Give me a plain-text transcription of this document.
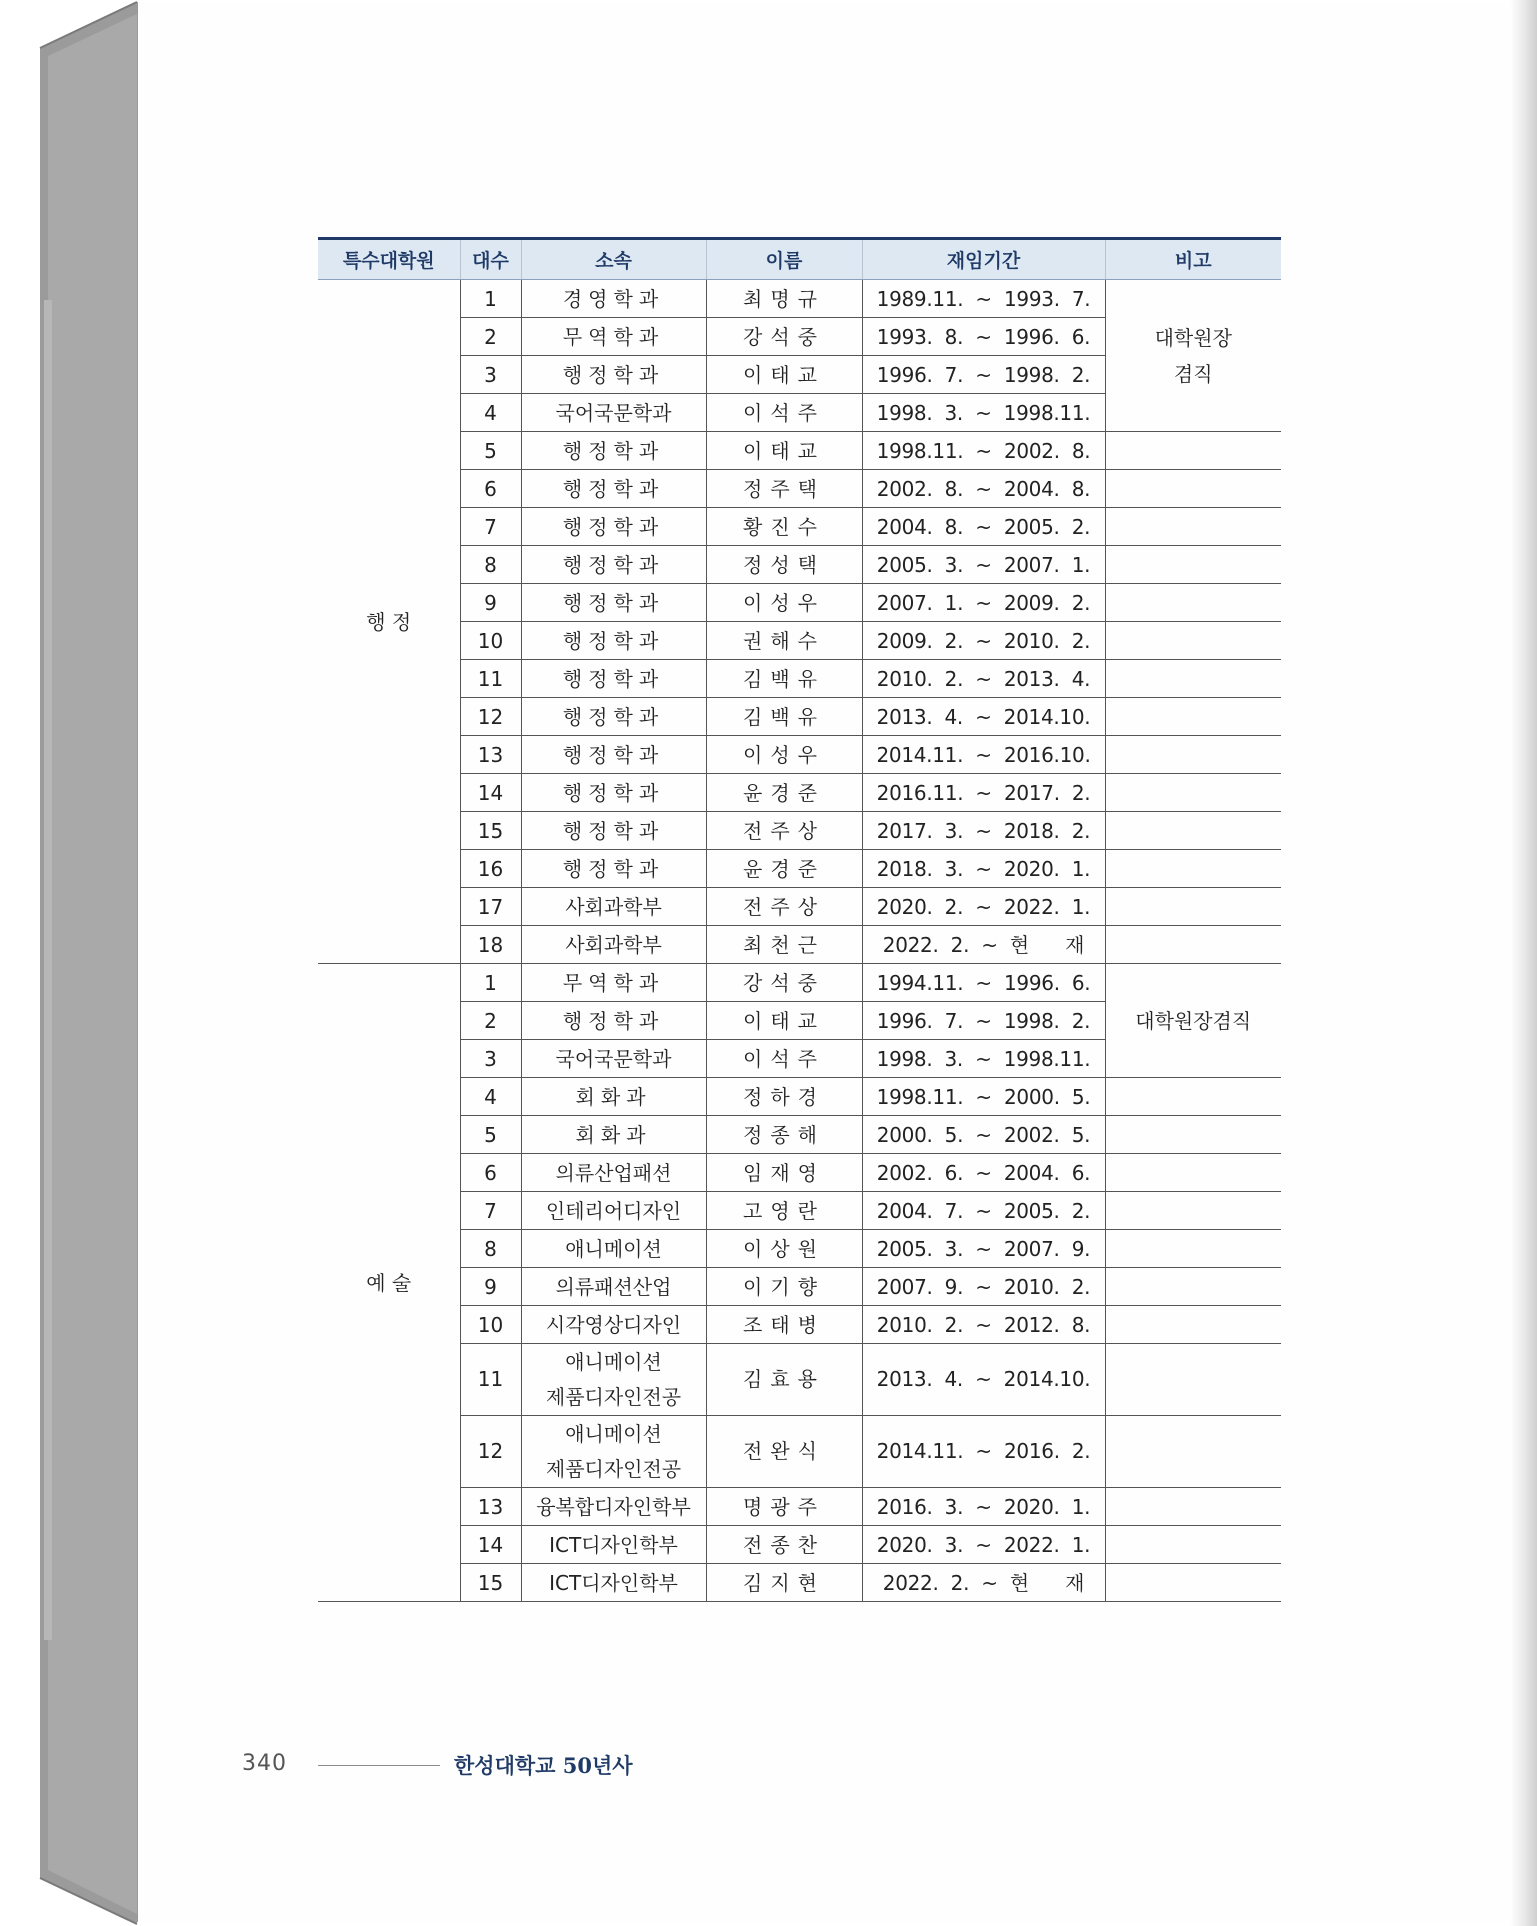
특수대학원	대수	소속	이름	재임기간	비고
행 정	1	경영학과	최명규	1989.11.  ~  1993.  7.	대학원장
겸직
	2	무역학과	강석중	1993.  8.  ~  1996.  6.	
	3	행정학과	이태교	1996.  7.  ~  1998.  2.	
	4	국어국문학과	이석주	1998.  3.  ~  1998.11.	
	5	행정학과	이태교	1998.11.  ~  2002.  8.	
	6	행정학과	정주택	2002.  8.  ~  2004.  8.	
	7	행정학과	황진수	2004.  8.  ~  2005.  2.	
	8	행정학과	정성택	2005.  3.  ~  2007.  1.	
	9	행정학과	이성우	2007.  1.  ~  2009.  2.	
	10	행정학과	권해수	2009.  2.  ~  2010.  2.	
	11	행정학과	김백유	2010.  2.  ~  2013.  4.	
	12	행정학과	김백유	2013.  4.  ~  2014.10.	
	13	행정학과	이성우	2014.11.  ~  2016.10.	
	14	행정학과	윤경준	2016.11.  ~  2017.  2.	
	15	행정학과	전주상	2017.  3.  ~  2018.  2.	
	16	행정학과	윤경준	2018.  3.  ~  2020.  1.	
	17	사회과학부	전주상	2020.  2.  ~  2022.  1.	
	18	사회과학부	최천근	2022.  2.  ~  현      재	
예 술	1	무역학과	강석중	1994.11.  ~  1996.  6.	대학원장겸직
	2	행정학과	이태교	1996.  7.  ~  1998.  2.	
	3	국어국문학과	이석주	1998.  3.  ~  1998.11.	
	4	회화과	정하경	1998.11.  ~  2000.  5.	
	5	회화과	정종해	2000.  5.  ~  2002.  5.	
	6	의류산업패션	임재영	2002.  6.  ~  2004.  6.	
	7	인테리어디자인	고영란	2004.  7.  ~  2005.  2.	
	8	애니메이션	이상원	2005.  3.  ~  2007.  9.	
	9	의류패션산업	이기향	2007.  9.  ~  2010.  2.	
	10	시각영상디자인	조태병	2010.  2.  ~  2012.  8.	
	11	애니메이션
제품디자인전공	김효용	2013.  4.  ~  2014.10.	
	12	애니메이션
제품디자인전공	전완식	2014.11.  ~  2016.  2.	
	13	융복합디자인학부	명광주	2016.  3.  ~  2020.  1.	
	14	ICT디자인학부	전종찬	2020.  3.  ~  2022.  1.	
	15	ICT디자인학부	김지현	2022.  2.  ~  현      재	
340	한성대학교 50년사
